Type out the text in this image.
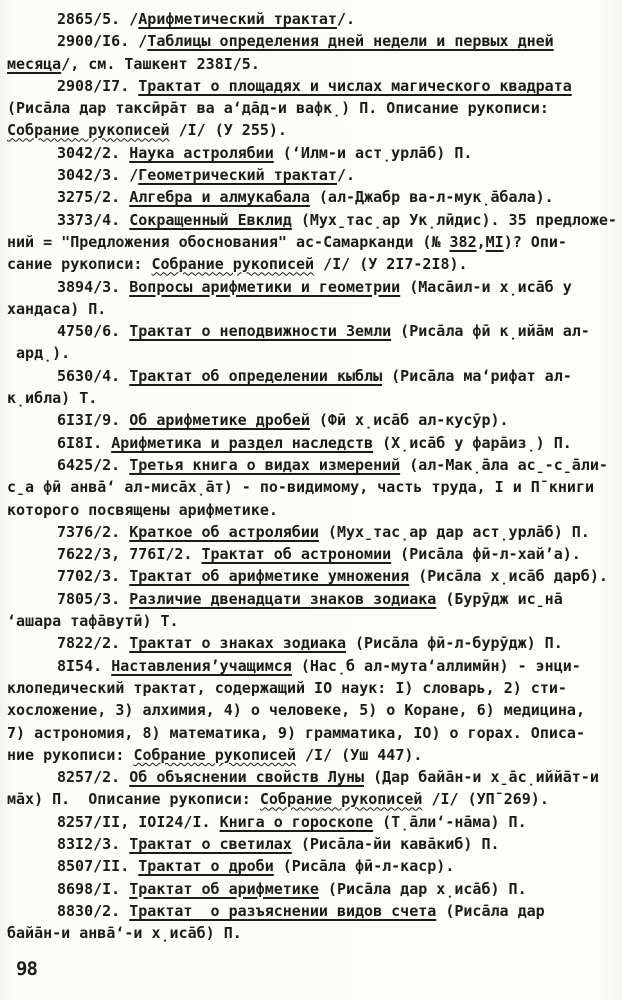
2865/5. /Арифметический трактат/.
2900/I6. /Таблицы определения дней недели и первых дней
месяца/, см. Ташкент 238I/5.
2908/I7. Трактат о площадях и числах магического квадрата
(Риса̄ла дар таксӣра̄т ва а‘да̄д-и вафк̣) П. Описание рукописи:
Собрание рукописей /I/ (У 255).
3042/2. Наука астролябии (‘Илм-и аст̣урла̄б) П.
3042/3. /Геометрический трактат/.
3275/2. Алгебра и алмукабала (ал-Джабр ва-л-мук̣а̄бала).
3373/4. Сокращенный Евклид (Мух̱тас̣ар Ук̣лӣдис). 35 предложе-
ний = "Предложения обоснования" ас-Самарканди (№ 382,МI)? Опи-
сание рукописи: Собрание рукописей /I/ (У 2I7-2I8).
3894/3. Вопросы арифметики и геометрии (Маса̄ил-и х̣иса̄б у
хандаса) П.
4750/6. Трактат о неподвижности Земли (Риса̄ла фӣ к̣ийа̄м ал-
ард̣).
5630/4. Трактат об определении кыблы (Риса̄ла ма‘рифат ал-
к̣ибла) Т.
6I3I/9. Об арифметике дробей (Фӣ х̣иса̄б ал-кусӯр).
6I8I. Арифметика и раздел наследств (Х̣иса̄б у фара̄из̣) П.
6425/2. Третья книга о видах измерений (ал-Мак̣а̄ла ас̱-с̱а̄ли-
с̱а фӣ анва̄‘ ал-миса̄х̣а̄т) - по-видимому, часть труда, I и П̄ книги
которого посвящены арифметике.
7376/2. Краткое об астролябии (Мух̱тас̣ар дар аст̣урла̄б) П.
7622/3, 776I/2. Трактат об астрономии (Риса̄ла фӣ-л-хай’а).
7702/3. Трактат об арифметике умножения (Риса̄ла х̣иса̄б дарб).
7805/3. Различие двенадцати знаков зодиака (Бурӯдж ис̱на̄
‘ашара тафа̄вутӣ) Т.
7822/2. Трактат о знаках зодиака (Риса̄ла фӣ-л-бурӯдж) П.
8I54. Наставления’учащимся (Нас̣б ал-мута‘аллимӣн) - энци-
клопедический трактат, содержащий IO наук: I) словарь, 2) сти-
хосложение, 3) алхимия, 4) о человеке, 5) о Коране, 6) медицина,
7) астрономия, 8) математика, 9) грамматика, IO) о горах. Описа-
ние рукописи: Собрание рукописей /I/ (Уш 447).
8257/2. Об объяснении свойств Луны (Дар байа̄н-и х̱а̄с̣иййа̄т-и
ма̄х) П.  Описание рукописи: Собрание рукописей /I/ (УП̄ 269).
8257/II, IOI24/I. Книга о гороскопе (Т̣а̄ли‘-на̄ма) П.
83I2/3. Трактат о светилах (Риса̄ла-йи кава̄киб) П.
8507/II. Трактат о дроби (Риса̄ла фӣ-л-каср).
8698/I. Трактат об арифметике (Риса̄ла дар х̣иса̄б) П.
8830/2. Трактат  о разъяснении видов счета (Риса̄ла дар
байа̄н-и анва̄‘-и х̣иса̄б) П.
98
